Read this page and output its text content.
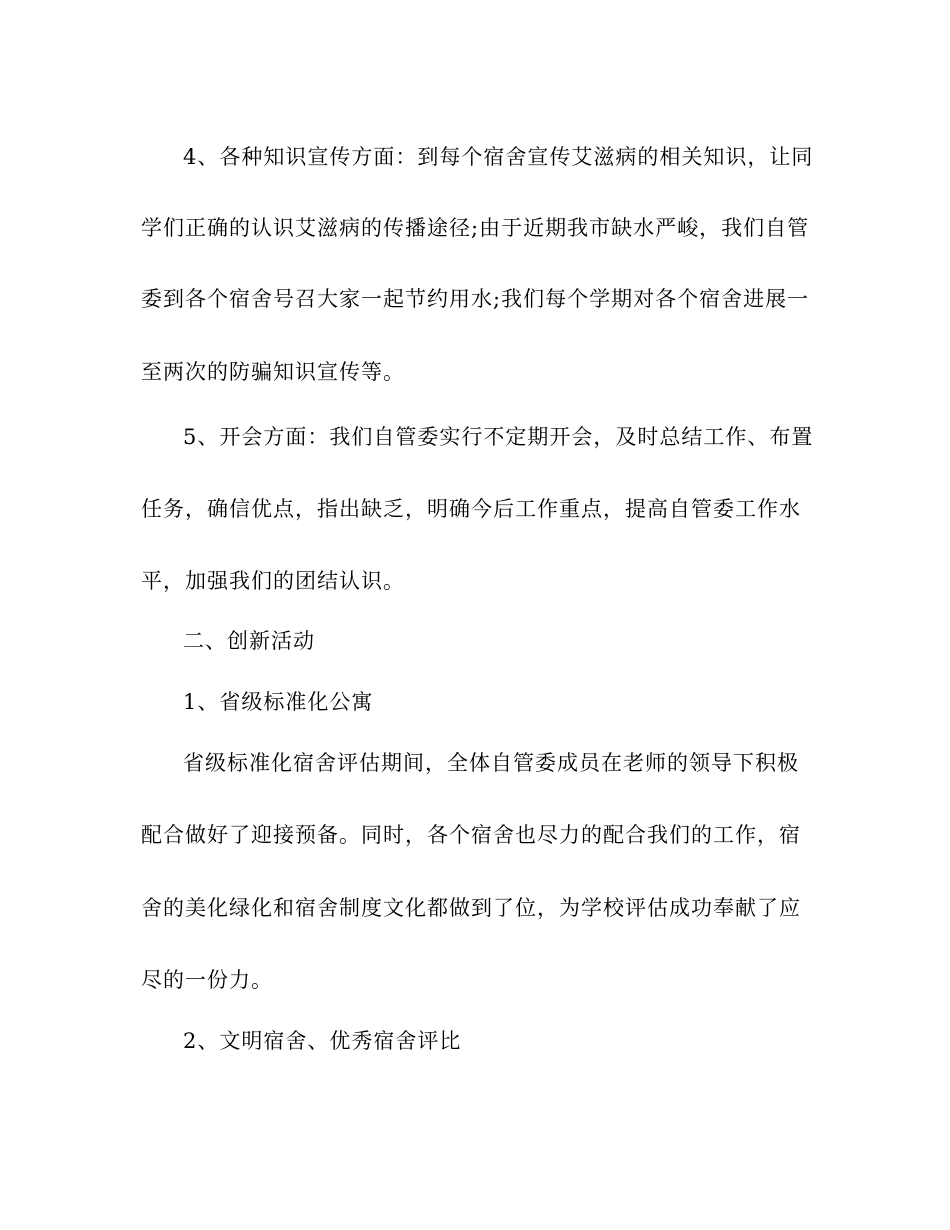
4、各种知识宣传方面：到每个宿舍宣传艾滋病的相关知识，让同
学们正确的认识艾滋病的传播途径;由于近期我市缺水严峻，我们自管
委到各个宿舍号召大家一起节约用水;我们每个学期对各个宿舍进展一
至两次的防骗知识宣传等。
5、开会方面：我们自管委实行不定期开会，及时总结工作、布置
任务，确信优点，指出缺乏，明确今后工作重点，提高自管委工作水
平，加强我们的团结认识。
二、创新活动
1、省级标准化公寓
省级标准化宿舍评估期间，全体自管委成员在老师的领导下积极
配合做好了迎接预备。同时，各个宿舍也尽力的配合我们的工作，宿
舍的美化绿化和宿舍制度文化都做到了位，为学校评估成功奉献了应
尽的一份力。
2、文明宿舍、优秀宿舍评比
